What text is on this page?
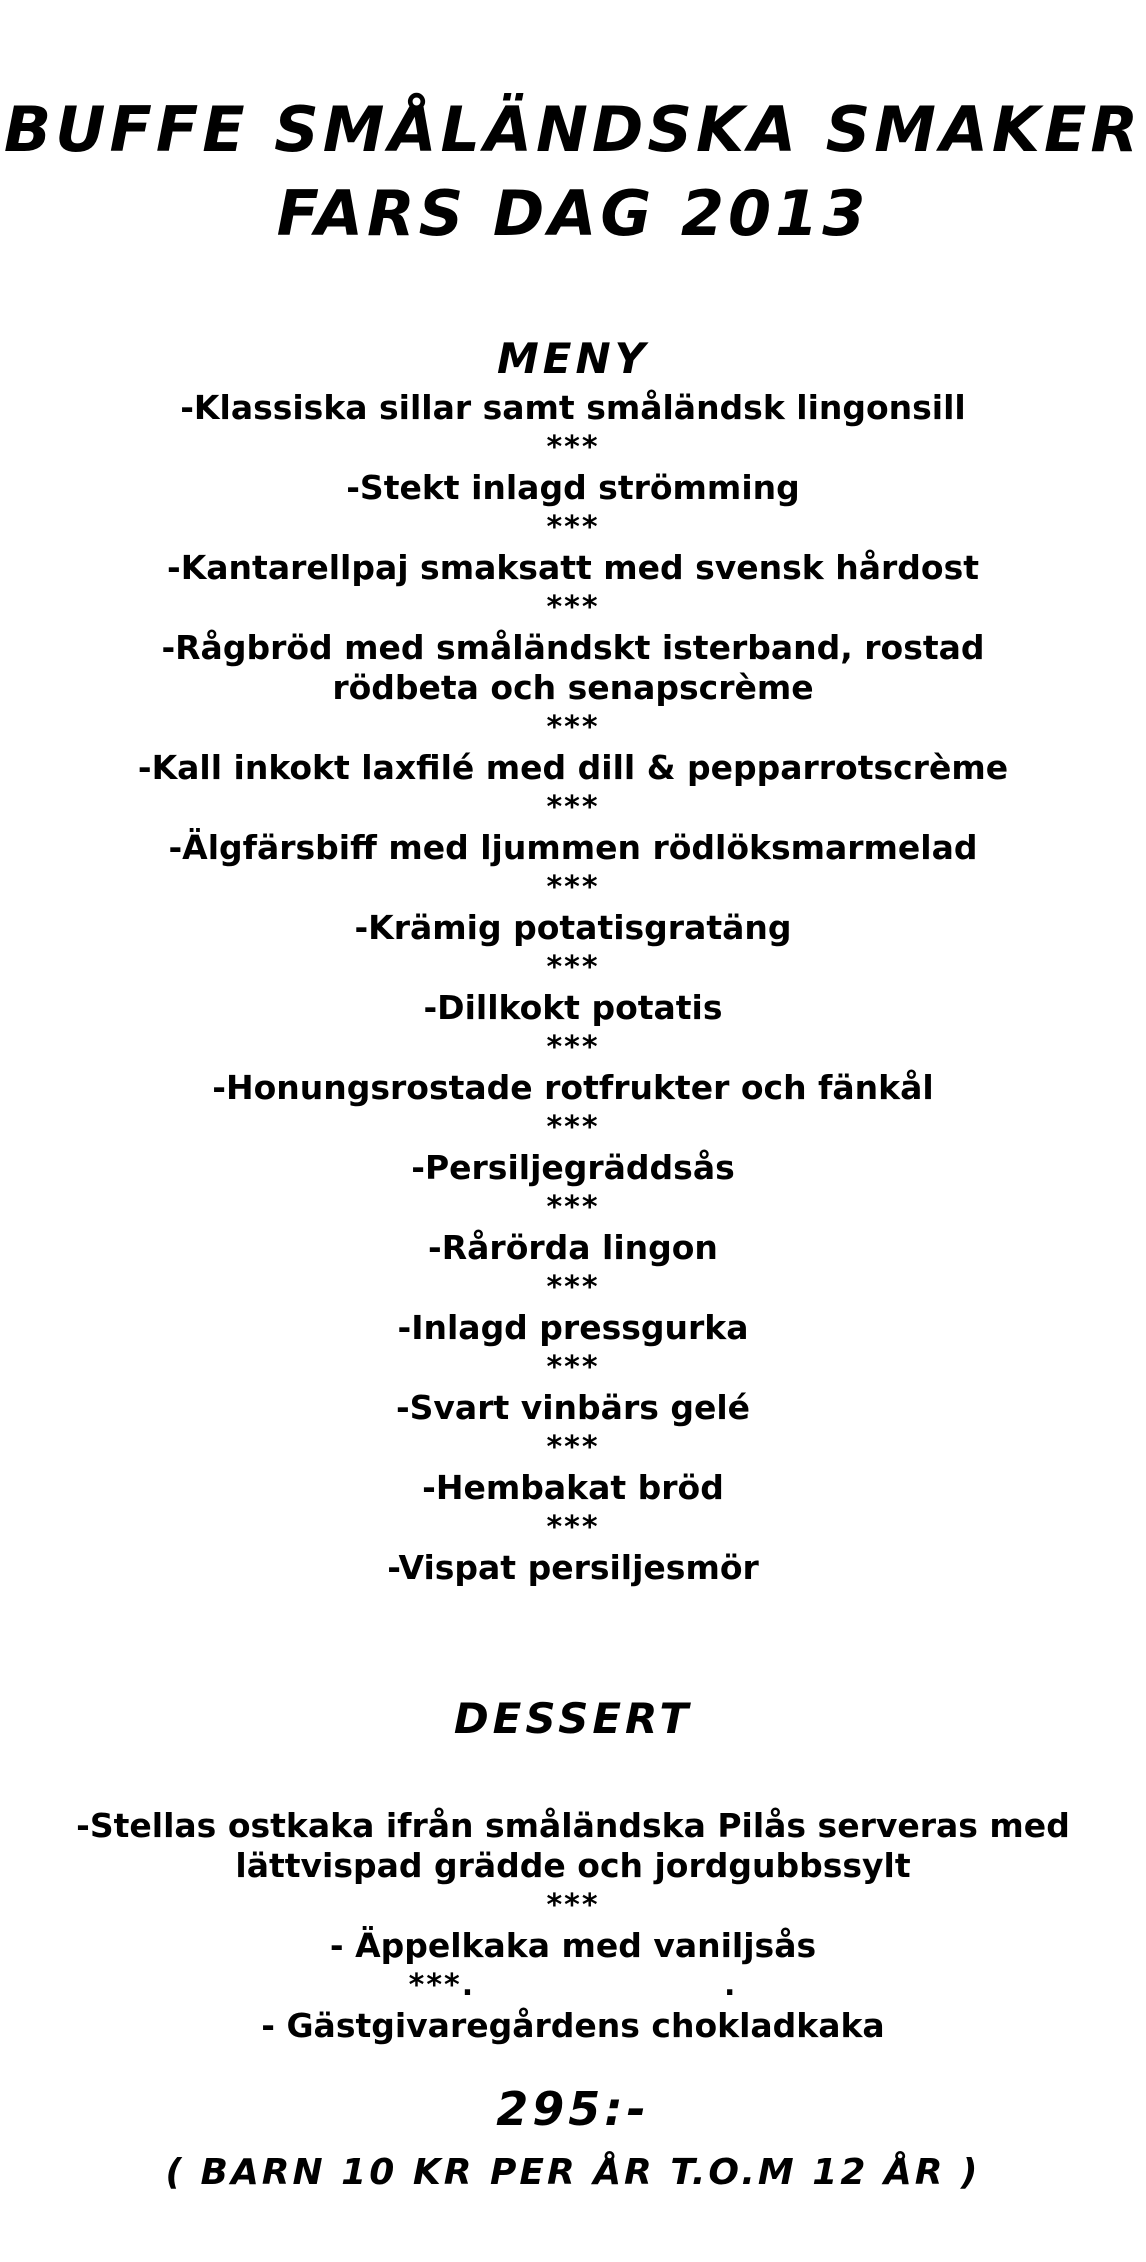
BUFFE SMÅLÄNDSKA SMAKER
FARS DAG 2013
MENY

-Klassiska sillar samt småländsk lingonsill

***

-Stekt inlagd strömming

***

-Kantarellpaj smaksatt med svensk hårdost

***

-Rågbröd med småländskt isterband, rostad

rödbeta och senapscrème

***

-Kall inkokt laxfilé med dill & pepparrotscrème

***

-Älgfärsbiff med ljummen rödlöksmarmelad

***

-Krämig potatisgratäng

***

-Dillkokt potatis

***

-Honungsrostade rotfrukter och fänkål

***

-Persiljegräddsås

***

-Rårörda lingon

***

-Inlagd pressgurka

***

-Svart vinbärs gelé

***

-Hembakat bröd

***

-Vispat persiljesmör

DESSERT

-Stellas ostkaka ifrån småländska Pilås serveras med

lättvispad grädde och jordgubbssylt

***

- Äppelkaka med vaniljsås

***.                    .

- Gästgivaregårdens chokladkaka

295:-
( BARN 10 KR PER ÅR T.O.M 12 ÅR )
